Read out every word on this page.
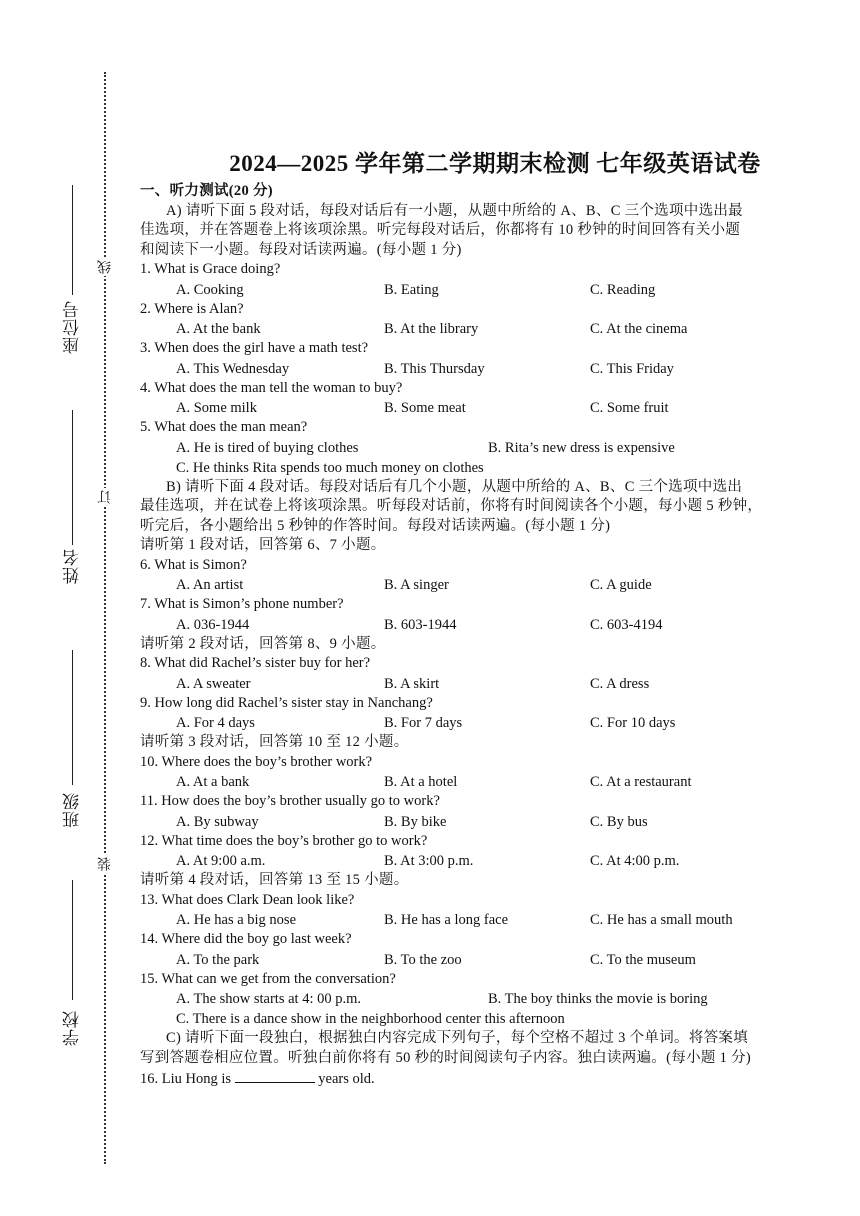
座位号
姓名
班级
学校
线
订
装
2024—2025 学年第二学期期末检测 七年级英语试卷
一、听力测试(20 分)
A) 请听下面 5 段对话，每段对话后有一小题，从题中所给的 A、B、C 三个选项中选出最
佳选项，并在答题卷上将该项涂黑。听完每段对话后，你都将有 10 秒钟的时间回答有关小题
和阅读下一小题。每段对话读两遍。(每小题 1 分)
1. What is Grace doing?
A. Cooking	B. Eating	C. Reading
2. Where is Alan?
A. At the bank	B. At the library	C. At the cinema
3. When does the girl have a math test?
A. This Wednesday	B. This Thursday	C. This Friday
4. What does the man tell the woman to buy?
A. Some milk	B. Some meat	C. Some fruit
5. What does the man mean?
A. He is tired of buying clothes	B. Rita’s new dress is expensive
C. He thinks Rita spends too much money on clothes
B) 请听下面 4 段对话。每段对话后有几个小题，从题中所给的 A、B、C 三个选项中选出
最佳选项，并在试卷上将该项涂黑。听每段对话前，你将有时间阅读各个小题，每小题 5 秒钟，
听完后，各小题给出 5 秒钟的作答时间。每段对话读两遍。(每小题 1 分)
请听第 1 段对话，回答第 6、7 小题。
6. What is Simon?
A. An artist	B. A singer	C. A guide
7. What is Simon’s phone number?
A. 036-1944	B. 603-1944	C. 603-4194
请听第 2 段对话，回答第 8、9 小题。
8. What did Rachel’s sister buy for her?
A. A sweater	B. A skirt	C. A dress
9. How long did Rachel’s sister stay in Nanchang?
A. For 4 days	B. For 7 days	C. For 10 days
请听第 3 段对话，回答第 10 至 12 小题。
10. Where does the boy’s brother work?
A. At a bank	B. At a hotel	C. At a restaurant
11. How does the boy’s brother usually go to work?
A. By subway	B. By bike	C. By bus
12. What time does the boy’s brother go to work?
A. At 9:00 a.m.	B. At 3:00 p.m.	C. At 4:00 p.m.
请听第 4 段对话，回答第 13 至 15 小题。
13. What does Clark Dean look like?
A. He has a big nose	B. He has a long face	C. He has a small mouth
14. Where did the boy go last week?
A. To the park	B. To the zoo	C. To the museum
15. What can we get from the conversation?
A. The show starts at 4: 00 p.m.	B. The boy thinks the movie is boring
C. There is a dance show in the neighborhood center this afternoon
C) 请听下面一段独白，根据独白内容完成下列句子，每个空格不超过 3 个单词。将答案填
写到答题卷相应位置。听独白前你将有 50 秒的时间阅读句子内容。独白读两遍。(每小题 1 分)
16. Liu Hong is	years old.
